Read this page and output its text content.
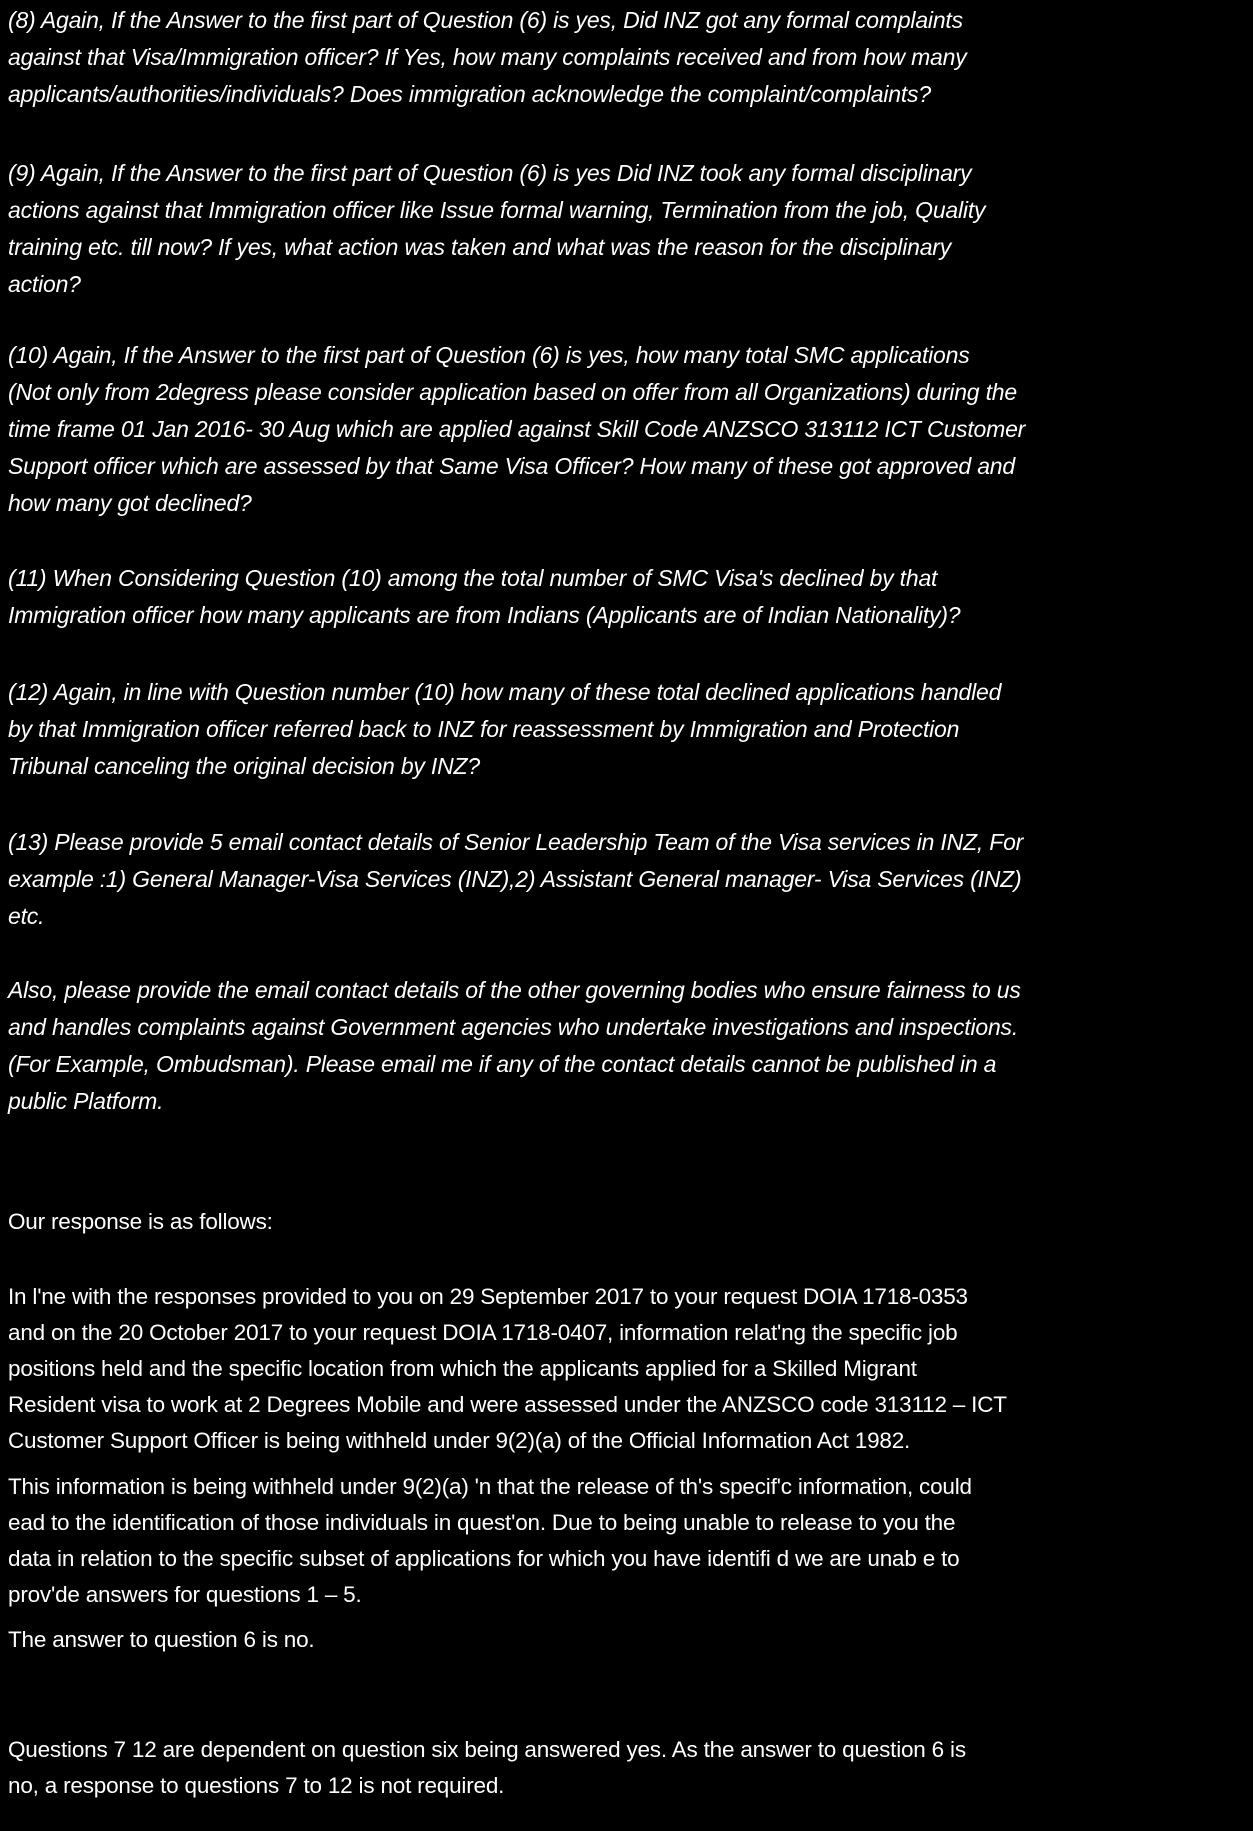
(8) Again, If the Answer to the first part of Question (6) is yes, Did INZ got any formal complaints
against that Visa/Immigration officer? If Yes, how many complaints received and from how many
applicants/authorities/individuals? Does immigration acknowledge the complaint/complaints?

(9) Again, If the Answer to the first part of Question (6) is yes Did INZ took any formal disciplinary
actions against that Immigration officer like Issue formal warning, Termination from the job, Quality
training etc. till now? If yes, what action was taken and what was the reason for the disciplinary
action?

(10) Again, If the Answer to the first part of Question (6) is yes, how many total SMC applications
(Not only from 2degress please consider application based on offer from all Organizations) during the
time frame 01 Jan 2016- 30 Aug which are applied against Skill Code ANZSCO 313112 ICT Customer
Support officer which are assessed by that Same Visa Officer? How many of these got approved and
how many got declined?

(11) When Considering Question (10) among the total number of SMC Visa's declined by that
Immigration officer how many applicants are from Indians (Applicants are of Indian Nationality)?

(12) Again, in line with Question number (10) how many of these total declined applications handled
by that Immigration officer referred back to INZ for reassessment by Immigration and Protection
Tribunal canceling the original decision by INZ?

(13) Please provide 5 email contact details of Senior Leadership Team of the Visa services in INZ, For
example :1) General Manager-Visa Services (INZ),2) Assistant General manager- Visa Services (INZ)
etc.

Also, please provide the email contact details of the other governing bodies who ensure fairness to us
and handles complaints against Government agencies who undertake investigations and inspections.
(For Example, Ombudsman). Please email me if any of the contact details cannot be published in a
public Platform.

Our response is as follows:

In l'ne with the responses provided to you on 29 September 2017 to your request DOIA 1718-0353
and on the 20 October 2017 to your request DOIA 1718-0407, information relat'ng the specific job
positions held and the specific location from which the applicants applied for a Skilled Migrant
Resident visa to work at 2 Degrees Mobile and were assessed under the ANZSCO code 313112 – ICT
Customer Support Officer is being withheld under 9(2)(a) of the Official Information Act 1982.

This information is being withheld under 9(2)(a) 'n that the release of th's specif'c information, could
ead to the identification of those individuals in quest'on. Due to being unable to release to you the
data in relation to the specific subset of applications for which you have identifi d we are unab e to
prov'de answers for questions 1 – 5.

The answer to question 6 is no.

Questions 7 12 are dependent on question six being answered yes. As the answer to question 6 is
no, a response to questions 7 to 12 is not required.
